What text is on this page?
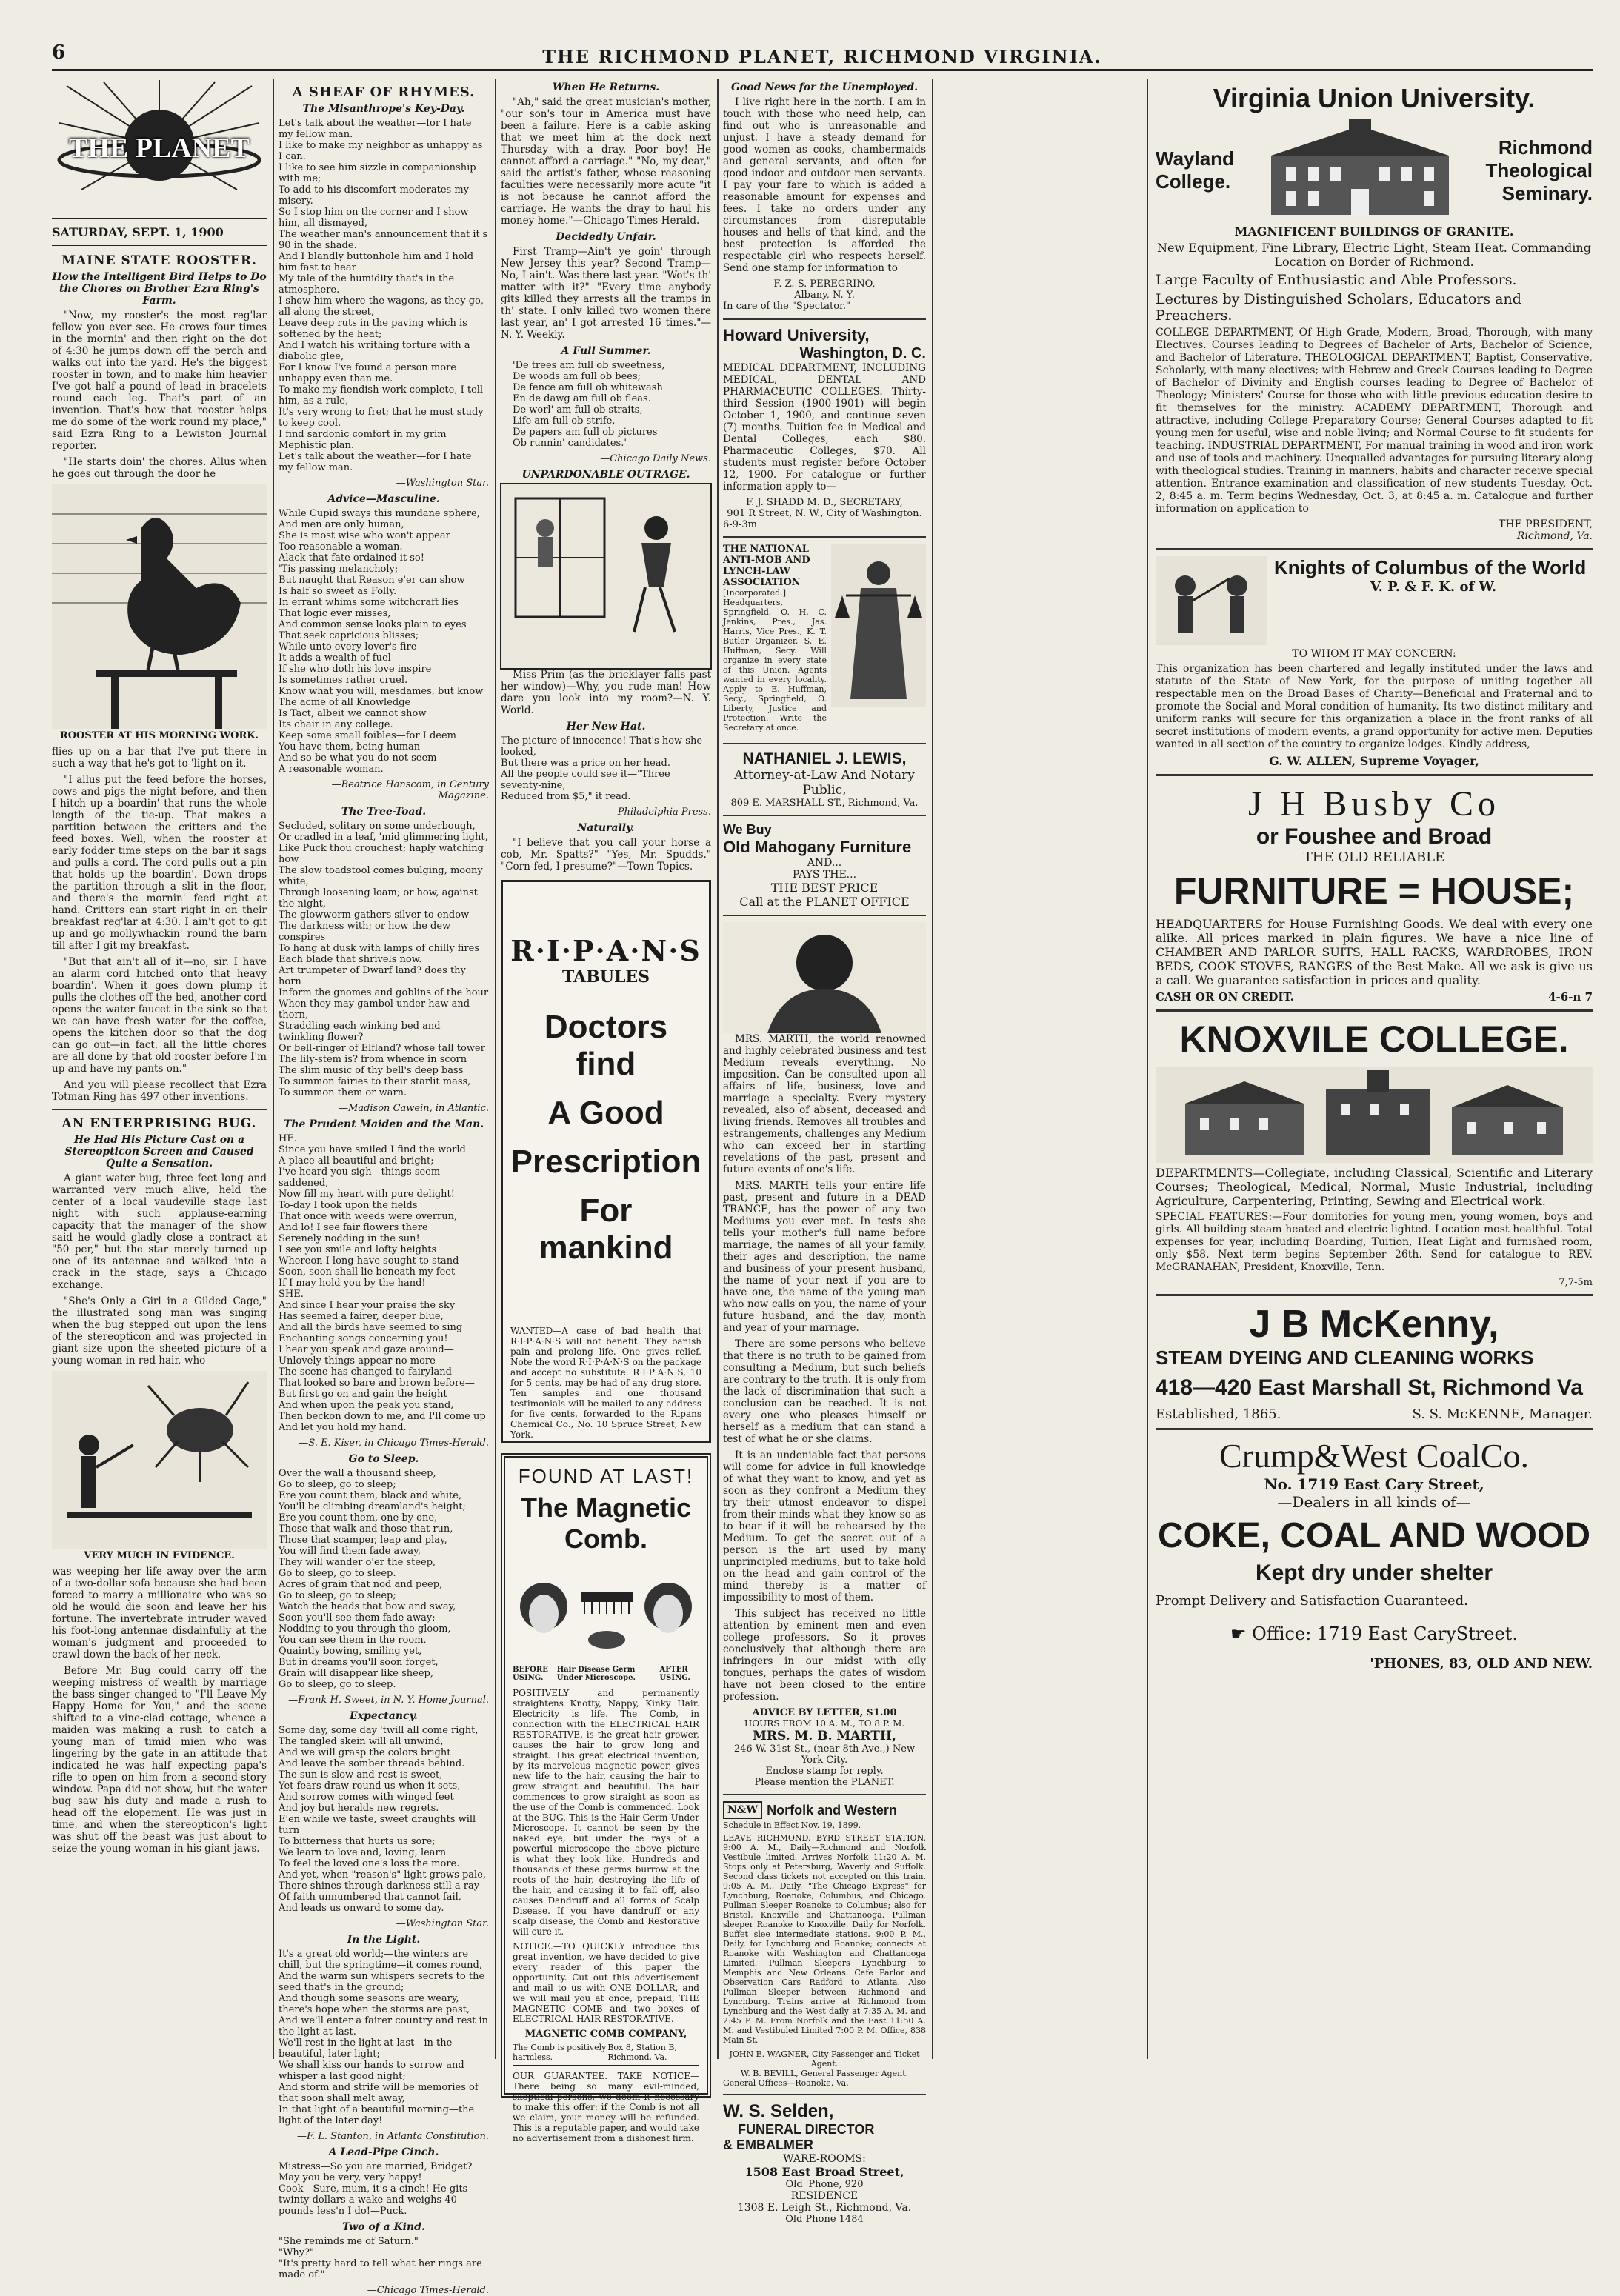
6	THE RICHMOND PLANET, RICHMOND VIRGINIA.
THE PLANET
SATURDAY, SEPT. 1, 1900
MAINE STATE ROOSTER.
How the Intelligent Bird Helps to Do the Chores on Brother Ezra Ring's Farm.
"Now, my rooster's the most reg'lar fellow you ever see. He crows four times in the mornin' and then right on the dot of 4:30 he jumps down off the perch and walks out into the yard. He's the biggest rooster in town, and to make him heavier I've got half a pound of lead in bracelets round each leg. That's part of an invention. That's how that rooster helps me do some of the work round my place," said Ezra Ring to a Lewiston Journal reporter.
"He starts doin' the chores. Allus when he goes out through the door he
ROOSTER AT HIS MORNING WORK.
flies up on a bar that I've put there in such a way that he's got to 'light on it.
"I allus put the feed before the horses, cows and pigs the night before, and then I hitch up a boardin' that runs the whole length of the tie-up. That makes a partition between the critters and the feed boxes. Well, when the rooster at early fodder time steps on the bar it sags and pulls a cord. The cord pulls out a pin that holds up the boardin'. Down drops the partition through a slit in the floor, and there's the mornin' feed right at hand. Critters can start right in on their breakfast reg'lar at 4:30. I ain't got to git up and go mollywhackin' round the barn till after I git my breakfast.
"But that ain't all of it—no, sir. I have an alarm cord hitched onto that heavy boardin'. When it goes down plump it pulls the clothes off the bed, another cord opens the water faucet in the sink so that we can have fresh water for the coffee, opens the kitchen door so that the dog can go out—in fact, all the little chores are all done by that old rooster before I'm up and have my pants on."
And you will please recollect that Ezra Totman Ring has 497 other inventions.
AN ENTERPRISING BUG.
He Had His Picture Cast on a Stereopticon Screen and Caused Quite a Sensation.
A giant water bug, three feet long and warranted very much alive, held the center of a local vaudeville stage last night with such applause-earning capacity that the manager of the show said he would gladly close a contract at "50 per," but the star merely turned up one of its antennae and walked into a crack in the stage, says a Chicago exchange.
"She's Only a Girl in a Gilded Cage," the illustrated song man was singing when the bug stepped out upon the lens of the stereopticon and was projected in giant size upon the sheeted picture of a young woman in red hair, who
VERY MUCH IN EVIDENCE.
was weeping her life away over the arm of a two-dollar sofa because she had been forced to marry a millionaire who was so old he would die soon and leave her his fortune. The invertebrate intruder waved his foot-long antennae disdainfully at the woman's judgment and proceeded to crawl down the back of her neck.
Before Mr. Bug could carry off the weeping mistress of wealth by marriage the bass singer changed to "I'll Leave My Happy Home for You," and the scene shifted to a vine-clad cottage, whence a maiden was making a rush to catch a young man of timid mien who was lingering by the gate in an attitude that indicated he was half expecting papa's rifle to open on him from a second-story window. Papa did not show, but the water bug saw his duty and made a rush to head off the elopement. He was just in time, and when the stereopticon's light was shut off the beast was just about to seize the young woman in his giant jaws.
A SHEAF OF RHYMES.
The Misanthrope's Key-Day.
Let's talk about the weather—for I hate my fellow man.
I like to make my neighbor as unhappy as I can.
I like to see him sizzle in companionship with me;
To add to his discomfort moderates my misery.
So I stop him on the corner and I show him, all dismayed,
The weather man's announcement that it's 90 in the shade.
And I blandly buttonhole him and I hold him fast to hear
My tale of the humidity that's in the atmosphere.
I show him where the wagons, as they go, all along the street,
Leave deep ruts in the paving which is softened by the heat;
And I watch his writhing torture with a diabolic glee,
For I know I've found a person more unhappy even than me.
To make my fiendish work complete, I tell him, as a rule,
It's very wrong to fret; that he must study to keep cool.
I find sardonic comfort in my grim Mephistic plan.
Let's talk about the weather—for I hate my fellow man.
—Washington Star.
Advice—Masculine.
While Cupid sways this mundane sphere,
And men are only human,
She is most wise who won't appear
Too reasonable a woman.
Alack that fate ordained it so!
'Tis passing melancholy;
But naught that Reason e'er can show
Is half so sweet as Folly.
In errant whims some witchcraft lies
That logic ever misses,
And common sense looks plain to eyes
That seek capricious blisses;
While unto every lover's fire
It adds a wealth of fuel
If she who doth his love inspire
Is sometimes rather cruel.
Know what you will, mesdames, but know
The acme of all Knowledge
Is Tact, albeit we cannot show
Its chair in any college.
Keep some small foibles—for I deem
You have them, being human—
And so be what you do not seem—
A reasonable woman.
—Beatrice Hanscom, in Century Magazine.
The Tree-Toad.
Secluded, solitary on some underbough,
Or cradled in a leaf, 'mid glimmering light,
Like Puck thou crouchest; haply watching how
The slow toadstool comes bulging, moony white,
Through loosening loam; or how, against the night,
The glowworm gathers silver to endow
The darkness with; or how the dew conspires
To hang at dusk with lamps of chilly fires
Each blade that shrivels now.
Art trumpeter of Dwarf land? does thy horn
Inform the gnomes and goblins of the hour
When they may gambol under haw and thorn,
Straddling each winking bed and twinkling flower?
Or bell-ringer of Elfland? whose tall tower
The lily-stem is? from whence in scorn
The slim music of thy bell's deep bass
To summon fairies to their starlit mass,
To summon them or warn.
—Madison Cawein, in Atlantic.
The Prudent Maiden and the Man.
HE.
Since you have smiled I find the world
A place all beautiful and bright;
I've heard you sigh—things seem saddened,
Now fill my heart with pure delight!
To-day I took upon the fields
That once with weeds were overrun,
And lo! I see fair flowers there
Serenely nodding in the sun!
I see you smile and lofty heights
Whereon I long have sought to stand
Soon, soon shall lie beneath my feet
If I may hold you by the hand!
SHE.
And since I hear your praise the sky
Has seemed a fairer, deeper blue,
And all the birds have seemed to sing
Enchanting songs concerning you!
I hear you speak and gaze around—
Unlovely things appear no more—
The scene has changed to fairyland
That looked so bare and brown before—
But first go on and gain the height
And when upon the peak you stand,
Then beckon down to me, and I'll come up
And let you hold my hand.
—S. E. Kiser, in Chicago Times-Herald.
Go to Sleep.
Over the wall a thousand sheep,
Go to sleep, go to sleep;
Ere you count them, black and white,
You'll be climbing dreamland's height;
Ere you count them, one by one,
Those that walk and those that run,
Those that scamper, leap and play,
You will find them fade away,
They will wander o'er the steep,
Go to sleep, go to sleep.
Acres of grain that nod and peep,
Go to sleep, go to sleep;
Watch the heads that bow and sway,
Soon you'll see them fade away;
Nodding to you through the gloom,
You can see them in the room,
Quaintly bowing, smiling yet,
But in dreams you'll soon forget,
Grain will disappear like sheep,
Go to sleep, go to sleep.
—Frank H. Sweet, in N. Y. Home Journal.
Expectancy.
Some day, some day 'twill all come right,
The tangled skein will all unwind,
And we will grasp the colors bright
And leave the somber threads behind.
The sun is slow and rest is sweet,
Yet fears draw round us when it sets,
And sorrow comes with winged feet
And joy but heralds new regrets.
E'en while we taste, sweet draughts will turn
To bitterness that hurts us sore;
We learn to love and, loving, learn
To feel the loved one's loss the more.
And yet, when "reason's" light grows pale,
There shines through darkness still a ray
Of faith unnumbered that cannot fail,
And leads us onward to some day.
—Washington Star.
In the Light.
It's a great old world;—the winters are chill, but the springtime—it comes round,
And the warm sun whispers secrets to the seed that's in the ground;
And though some seasons are weary, there's hope when the storms are past,
And we'll enter a fairer country and rest in the light at last.
We'll rest in the light at last—in the beautiful, later light;
We shall kiss our hands to sorrow and whisper a last good night;
And storm and strife will be memories of that soon shall melt away,
In that light of a beautiful morning—the light of the later day!
—F. L. Stanton, in Atlanta Constitution.
A Lead-Pipe Cinch.
Mistress—So you are married, Bridget? May you be very, very happy!
Cook—Sure, mum, it's a cinch! He gits twinty dollars a wake and weighs 40 pounds less'n I do!—Puck.
Two of a Kind.
"She reminds me of Saturn."
"Why?"
"It's pretty hard to tell what her rings are made of."
—Chicago Times-Herald.
When He Returns.
"Ah," said the great musician's mother, "our son's tour in America must have been a failure. Here is a cable asking that we meet him at the dock next Thursday with a dray. Poor boy! He cannot afford a carriage." "No, my dear," said the artist's father, whose reasoning faculties were necessarily more acute "it is not because he cannot afford the carriage. He wants the dray to haul his money home."—Chicago Times-Herald.
Decidedly Unfair.
First Tramp—Ain't ye goin' through New Jersey this year? Second Tramp—No, I ain't. Was there last year. "Wot's th' matter with it?" "Every time anybody gits killed they arrests all the tramps in th' state. I only killed two women there last year, an' I got arrested 16 times."—N. Y. Weekly.
A Full Summer.
'De trees am full ob sweetness,
De woods am full ob bees;
De fence am full ob whitewash
En de dawg am full ob fleas.
De worl' am full ob straits,
Life am full ob strife,
De papers am full ob pictures
Ob runnin' candidates.'
—Chicago Daily News.
UNPARDONABLE OUTRAGE.
Miss Prim (as the bricklayer falls past her window)—Why, you rude man! How dare you look into my room?—N. Y. World.
Her New Hat.
The picture of innocence! That's how she looked,
But there was a price on her head.
All the people could see it—"Three seventy-nine,
Reduced from $5," it read.
—Philadelphia Press.
Naturally.
"I believe that you call your horse a cob, Mr. Spatts?" "Yes, Mr. Spudds." "Corn-fed, I presume?"—Town Topics.
R·I·P·A·N·S TABULES
Doctors find
A Good
Prescription
For mankind
WANTED—A case of bad health that R·I·P·A·N·S will not benefit. They banish pain and prolong life. One gives relief. Note the word R·I·P·A·N·S on the package and accept no substitute. R·I·P·A·N·S, 10 for 5 cents, may be had of any drug store. Ten samples and one thousand testimonials will be mailed to any address for five cents, forwarded to the Ripans Chemical Co., No. 10 Spruce Street, New York.
FOUND AT LAST!
The Magnetic Comb.
BEFORE USING.
Hair Disease Germ Under Microscope.
AFTER USING.
POSITIVELY and permanently straightens Knotty, Nappy, Kinky Hair. Electricity is life. The Comb, in connection with the ELECTRICAL HAIR RESTORATIVE, is the great hair grower, causes the hair to grow long and straight. This great electrical invention, by its marvelous magnetic power, gives new life to the hair, causing the hair to grow straight and beautiful. The hair commences to grow straight as soon as the use of the Comb is commenced. Look at the BUG. This is the Hair Germ Under Microscope. It cannot be seen by the naked eye, but under the rays of a powerful microscope the above picture is what they look like. Hundreds and thousands of these germs burrow at the roots of the hair, destroying the life of the hair, and causing it to fall off, also causes Dandruff and all forms of Scalp Disease. If you have dandruff or any scalp disease, the Comb and Restorative will cure it.
NOTICE.—TO QUICKLY introduce this great invention, we have decided to give every reader of this paper the opportunity. Cut out this advertisement and mail to us with ONE DOLLAR, and we will mail you at once, prepaid, THE MAGNETIC COMB and two boxes of ELECTRICAL HAIR RESTORATIVE.
MAGNETIC COMB COMPANY,
The Comb is positively harmless.
Box 8, Station B, Richmond, Va.
OUR GUARANTEE. TAKE NOTICE—There being so many evil-minded, skeptical persons, we deem it necessary to make this offer: if the Comb is not all we claim, your money will be refunded. This is a reputable paper, and would take no advertisement from a dishonest firm.
Good News for the Unemployed.
I live right here in the north. I am in touch with those who need help, can find out who is unreasonable and unjust. I have a steady demand for good women as cooks, chambermaids and general servants, and often for good indoor and outdoor men servants. I pay your fare to which is added a reasonable amount for expenses and fees. I take no orders under any circumstances from disreputable houses and hells of that kind, and the best protection is afforded the respectable girl who respects herself. Send one stamp for information to
F. Z. S. PEREGRINO,
Albany, N. Y.
In care of the "Spectator."
Howard University,
Washington, D. C.
MEDICAL DEPARTMENT, INCLUDING MEDICAL, DENTAL AND PHARMACEUTIC COLLEGES. Thirty-third Session (1900-1901) will begin October 1, 1900, and continue seven (7) months. Tuition fee in Medical and Dental Colleges, each $80. Pharmaceutic Colleges, $70. All students must register before October 12, 1900. For catalogue or further information apply to—
F. J. SHADD M. D., SECRETARY,
901 R Street, N. W., City of Washington.
6-9-3m
THE NATIONAL ANTI-MOB AND LYNCH-LAW ASSOCIATION
[Incorporated.] Headquarters, Springfield, O. H. C. Jenkins, Pres., Jas. Harris, Vice Pres., K. T. Butler Organizer, S. E. Huffman, Secy. Will organize in every state of this Union. Agents wanted in every locality. Apply to E. Huffman, Secy., Springfield, O. Liberty, Justice and Protection. Write the Secretary at once.
NATHANIEL J. LEWIS,
Attorney-at-Law And Notary Public,
809 E. MARSHALL ST., Richmond, Va.
We Buy
Old Mahogany Furniture
AND...
PAYS THE...
THE BEST PRICE
Call at the PLANET OFFICE
MRS. MARTH, the world renowned and highly celebrated business and test Medium reveals everything. No imposition. Can be consulted upon all affairs of life, business, love and marriage a specialty. Every mystery revealed, also of absent, deceased and living friends. Removes all troubles and estrangements, challenges any Medium who can exceed her in startling revelations of the past, present and future events of one's life.
MRS. MARTH tells your entire life past, present and future in a DEAD TRANCE, has the power of any two Mediums you ever met. In tests she tells your mother's full name before marriage, the names of all your family, their ages and description, the name and business of your present husband, the name of your next if you are to have one, the name of the young man who now calls on you, the name of your future husband, and the day, month and year of your marriage.
There are some persons who believe that there is no truth to be gained from consulting a Medium, but such beliefs are contrary to the truth. It is only from the lack of discrimination that such a conclusion can be reached. It is not every one who pleases himself or herself as a medium that can stand a test of what he or she claims.
It is an undeniable fact that persons will come for advice in full knowledge of what they want to know, and yet as soon as they confront a Medium they try their utmost endeavor to dispel from their minds what they know so as to hear if it will be rehearsed by the Medium. To get the secret out of a person is the art used by many unprincipled mediums, but to take hold on the head and gain control of the mind thereby is a matter of impossibility to most of them.
This subject has received no little attention by eminent men and even college professors. So it proves conclusively that although there are infringers in our midst with oily tongues, perhaps the gates of wisdom have not been closed to the entire profession.
ADVICE BY LETTER, $1.00
HOURS FROM 10 A. M., TO 8 P. M.
MRS. M. B. MARTH,
246 W. 31st St., (near 8th Ave.,) New York City.
Enclose stamp for reply.
Please mention the PLANET.
N&W Norfolk and Western
Schedule in Effect Nov. 19, 1899.
LEAVE RICHMOND, BYRD STREET STATION. 9:00 A. M., Daily—Richmond and Norfolk Vestibule limited. Arrives Norfolk 11:20 A. M. Stops only at Petersburg, Waverly and Suffolk. Second class tickets not accepted on this train. 9:05 A. M., Daily, "The Chicago Express" for Lynchburg, Roanoke, Columbus, and Chicago. Pullman Sleeper Roanoke to Columbus; also for Bristol, Knoxville and Chattanooga. Pullman sleeper Roanoke to Knoxville. Daily for Norfolk. Buffet slee intermediate stations. 9:00 P. M., Daily, for Lynchburg and Roanoke; connects at Roanoke with Washington and Chattanooga Limited. Pullman Sleepers Lynchburg to Memphis and New Orleans. Cafe Parlor and Observation Cars Radford to Atlanta. Also Pullman Sleeper between Richmond and Lynchburg. Trains arrive at Richmond from Lynchburg and the West daily at 7:35 A. M. and 2:45 P. M. From Norfolk and the East 11:50 A. M. and Vestibuled Limited 7:00 P. M. Office, 838 Main St.
JOHN E. WAGNER, City Passenger and Ticket Agent.
W. B. BEVILL, General Passenger Agent.
General Offices—Roanoke, Va.
W. S. Selden,
FUNERAL DIRECTOR
& EMBALMER
WARE-ROOMS:
1508 East Broad Street,
Old 'Phone, 920
RESIDENCE
1308 E. Leigh St., Richmond, Va.
Old Phone 1484
Virginia Union University.
Wayland
College.
Richmond
Theological
Seminary.
MAGNIFICENT BUILDINGS OF GRANITE.
New Equipment, Fine Library, Electric Light, Steam Heat. Commanding Location on Border of Richmond.
Large Faculty of Enthusiastic and Able Professors.
Lectures by Distinguished Scholars, Educators and Preachers.
COLLEGE DEPARTMENT, Of High Grade, Modern, Broad, Thorough, with many Electives. Courses leading to Degrees of Bachelor of Arts, Bachelor of Science, and Bachelor of Literature. THEOLOGICAL DEPARTMENT, Baptist, Conservative, Scholarly, with many electives; with Hebrew and Greek Courses leading to Degree of Bachelor of Divinity and English courses leading to Degree of Bachelor of Theology; Ministers' Course for those who with little previous education desire to fit themselves for the ministry. ACADEMY DEPARTMENT, Thorough and attractive, including College Preparatory Course; General Courses adapted to fit young men for useful, wise and noble living; and Normal Course to fit students for teaching. INDUSTRIAL DEPARTMENT, For manual training in wood and iron work and use of tools and machinery. Unequalled advantages for pursuing literary along with theological studies. Training in manners, habits and character receive special attention. Entrance examination and classification of new students Tuesday, Oct. 2, 8:45 a. m. Term begins Wednesday, Oct. 3, at 8:45 a. m. Catalogue and further information on application to
THE PRESIDENT,
Richmond, Va.
Knights of Columbus of the World
V. P. & F. K. of W.
TO WHOM IT MAY CONCERN:
This organization has been chartered and legally instituted under the laws and statute of the State of New York, for the purpose of uniting together all respectable men on the Broad Bases of Charity—Beneficial and Fraternal and to promote the Social and Moral condition of humanity. Its two distinct military and uniform ranks will secure for this organization a place in the front ranks of all secret institutions of modern events, a grand opportunity for active men. Deputies wanted in all section of the country to organize lodges. Kindly address,
G. W. ALLEN, Supreme Voyager,
J H Busby Co
or Foushee and Broad
THE OLD RELIABLE
FURNITURE = HOUSE;
HEADQUARTERS for House Furnishing Goods. We deal with every one alike. All prices marked in plain figures. We have a nice line of CHAMBER AND PARLOR SUITS, HALL RACKS, WARDROBES, IRON BEDS, COOK STOVES, RANGES of the Best Make. All we ask is give us a call. We guarantee satisfaction in prices and quality.
CASH OR ON CREDIT.	4-6-n 7
KNOXVILE COLLEGE.
DEPARTMENTS—Collegiate, including Classical, Scientific and Literary Courses; Theological, Medical, Normal, Music Industrial, including Agriculture, Carpentering, Printing, Sewing and Electrical work.
SPECIAL FEATURES:—Four domitories for young men, young women, boys and girls. All building steam heated and electric lighted. Location most healthful. Total expenses for year, including Boarding, Tuition, Heat Light and furnished room, only $58. Next term begins September 26th. Send for catalogue to REV. McGRANAHAN, President, Knoxville, Tenn.
7,7-5m
J B McKenny,
STEAM DYEING AND CLEANING WORKS
418—420 East Marshall St, Richmond Va
Established, 1865.	S. S. McKENNE, Manager.
Crump&West CoalCo.
No. 1719 East Cary Street,
—Dealers in all kinds of—
COKE, COAL AND WOOD
Kept dry under shelter
Prompt Delivery and Satisfaction Guaranteed.
☛ Office: 1719 East CaryStreet.
'PHONES, 83, OLD AND NEW.
